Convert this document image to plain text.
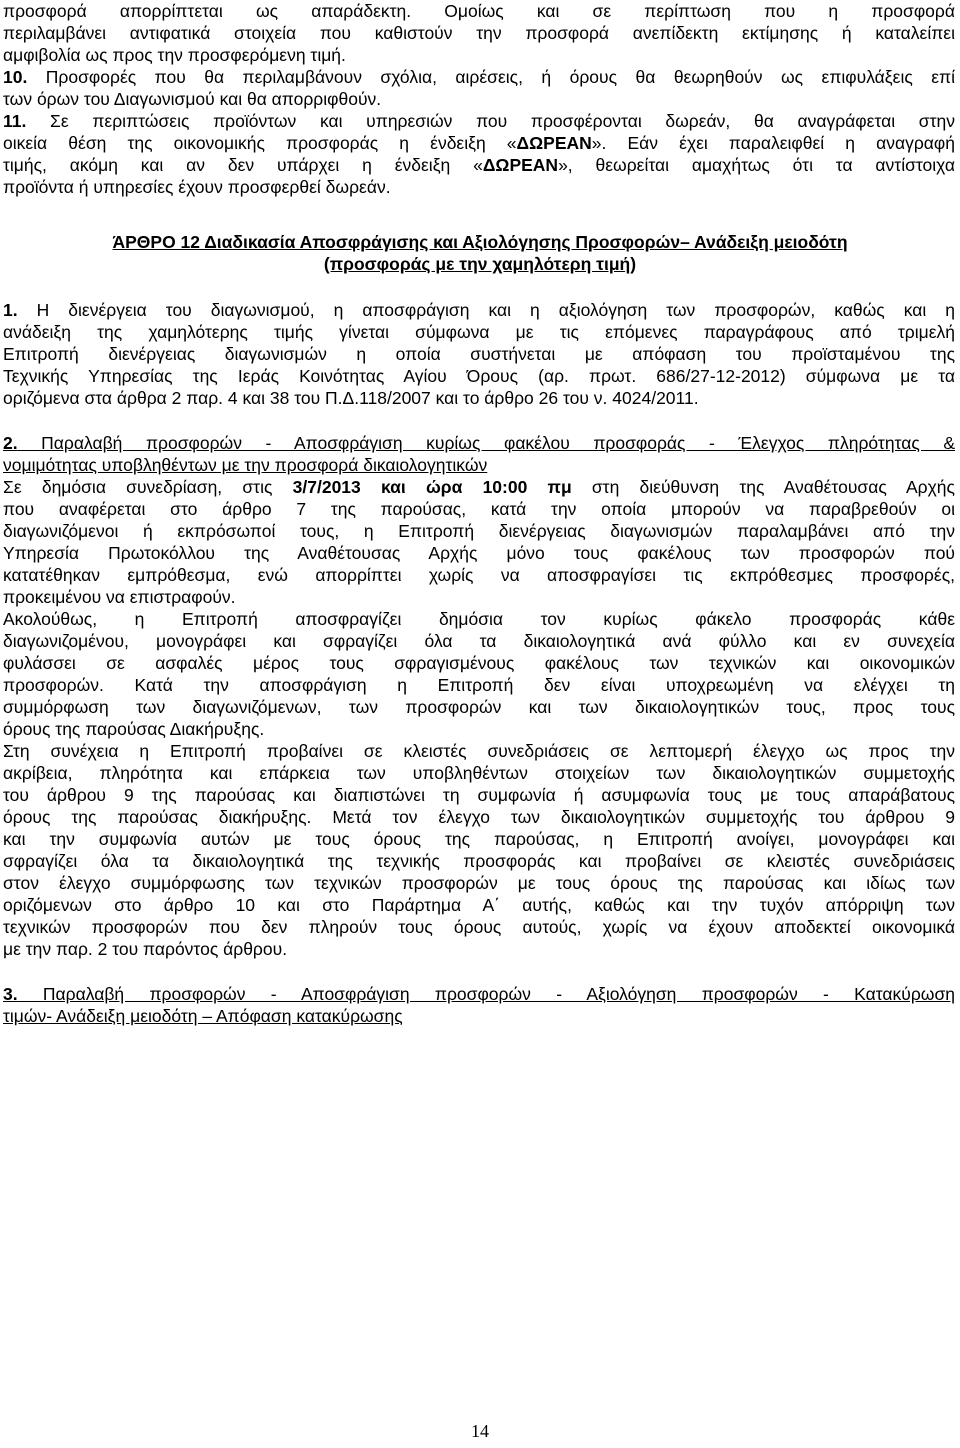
προσφορά απορρίπτεται ως απαράδεκτη. Ομοίως και σε περίπτωση που η προσφορά
περιλαμβάνει αντιφατικά στοιχεία που καθιστούν την προσφορά ανεπίδεκτη εκτίμησης ή καταλείπει
αμφιβολία ως προς την προσφερόμενη τιμή.
10. Προσφορές που θα περιλαμβάνουν σχόλια, αιρέσεις, ή όρους θα θεωρηθούν ως επιφυλάξεις επί
των όρων του Διαγωνισμού και θα απορριφθούν.
11. Σε περιπτώσεις προϊόντων και υπηρεσιών που προσφέρονται δωρεάν, θα αναγράφεται στην
οικεία θέση της οικονομικής προσφοράς η ένδειξη «ΔΩΡΕΑΝ». Εάν έχει παραλειφθεί η αναγραφή
τιμής, ακόμη και αν δεν υπάρχει η ένδειξη «ΔΩΡΕΑΝ», θεωρείται αμαχήτως ότι τα αντίστοιχα
προϊόντα ή υπηρεσίες έχουν προσφερθεί δωρεάν.
ΆΡΘΡΟ 12 Διαδικασία Αποσφράγισης και Αξιολόγησης Προσφορών– Ανάδειξη μειοδότη
(προσφοράς με την χαμηλότερη τιμή)
1. Η διενέργεια του διαγωνισμού, η αποσφράγιση και η αξιολόγηση των προσφορών, καθώς και η
ανάδειξη της χαμηλότερης τιμής γίνεται σύμφωνα με τις επόμενες παραγράφους από τριμελή
Επιτροπή διενέργειας διαγωνισμών η οποία συστήνεται με απόφαση του προϊσταμένου της
Τεχνικής Υπηρεσίας της Ιεράς Κοινότητας Αγίου Όρους (αρ. πρωτ. 686/27-12-2012) σύμφωνα με τα
οριζόμενα στα άρθρα 2 παρ. 4 και 38 του Π.Δ.118/2007 και το άρθρο 26 του ν. 4024/2011.
2. Παραλαβή προσφορών - Αποσφράγιση κυρίως φακέλου προσφοράς - Έλεγχος πληρότητας &
νομιμότητας υποβληθέντων με την προσφορά δικαιολογητικών
Σε δημόσια συνεδρίαση, στις 3/7/2013 και ώρα 10:00 πμ στη διεύθυνση της Αναθέτουσας Αρχής
που αναφέρεται στο άρθρο 7 της παρούσας, κατά την οποία μπορούν να παραβρεθούν οι
διαγωνιζόμενοι ή εκπρόσωποί τους, η Επιτροπή διενέργειας διαγωνισμών παραλαμβάνει από την
Υπηρεσία Πρωτοκόλλου της Αναθέτουσας Αρχής μόνο τους φακέλους των προσφορών πού
κατατέθηκαν εμπρόθεσμα, ενώ απορρίπτει χωρίς να αποσφραγίσει τις εκπρόθεσμες προσφορές,
προκειμένου να επιστραφούν.
Ακολούθως, η Επιτροπή αποσφραγίζει δημόσια τον κυρίως φάκελο προσφοράς κάθε
διαγωνιζομένου, μονογράφει και σφραγίζει όλα τα δικαιολογητικά ανά φύλλο και εν συνεχεία
φυλάσσει σε ασφαλές μέρος τους σφραγισμένους φακέλους των τεχνικών και οικονομικών
προσφορών. Κατά την αποσφράγιση η Επιτροπή δεν είναι υποχρεωμένη να ελέγχει τη
συμμόρφωση των διαγωνιζόμενων, των προσφορών και των δικαιολογητικών τους, προς τους
όρους της παρούσας Διακήρυξης.
Στη συνέχεια η Επιτροπή προβαίνει σε κλειστές συνεδριάσεις σε λεπτομερή έλεγχο ως προς την
ακρίβεια, πληρότητα και επάρκεια των υποβληθέντων στοιχείων των δικαιολογητικών συμμετοχής
του άρθρου 9 της παρούσας και διαπιστώνει τη συμφωνία ή ασυμφωνία τους με τους απαράβατους
όρους της παρούσας διακήρυξης. Μετά τον έλεγχο των δικαιολογητικών συμμετοχής του άρθρου 9
και την συμφωνία αυτών με τους όρους της παρούσας, η Επιτροπή ανοίγει, μονογράφει και
σφραγίζει όλα τα δικαιολογητικά της τεχνικής προσφοράς και προβαίνει σε κλειστές συνεδριάσεις
στον έλεγχο συμμόρφωσης των τεχνικών προσφορών με τους όρους της παρούσας και ιδίως των
οριζόμενων στο άρθρο 10 και στο Παράρτημα Α΄ αυτής, καθώς και την τυχόν απόρριψη των
τεχνικών προσφορών που δεν πληρούν τους όρους αυτούς, χωρίς να έχουν αποδεκτεί οικονομικά
με την παρ. 2 του παρόντος άρθρου.
3. Παραλαβή προσφορών - Αποσφράγιση προσφορών - Αξιολόγηση προσφορών - Κατακύρωση
τιμών- Ανάδειξη μειοδότη – Απόφαση κατακύρωσης
14
